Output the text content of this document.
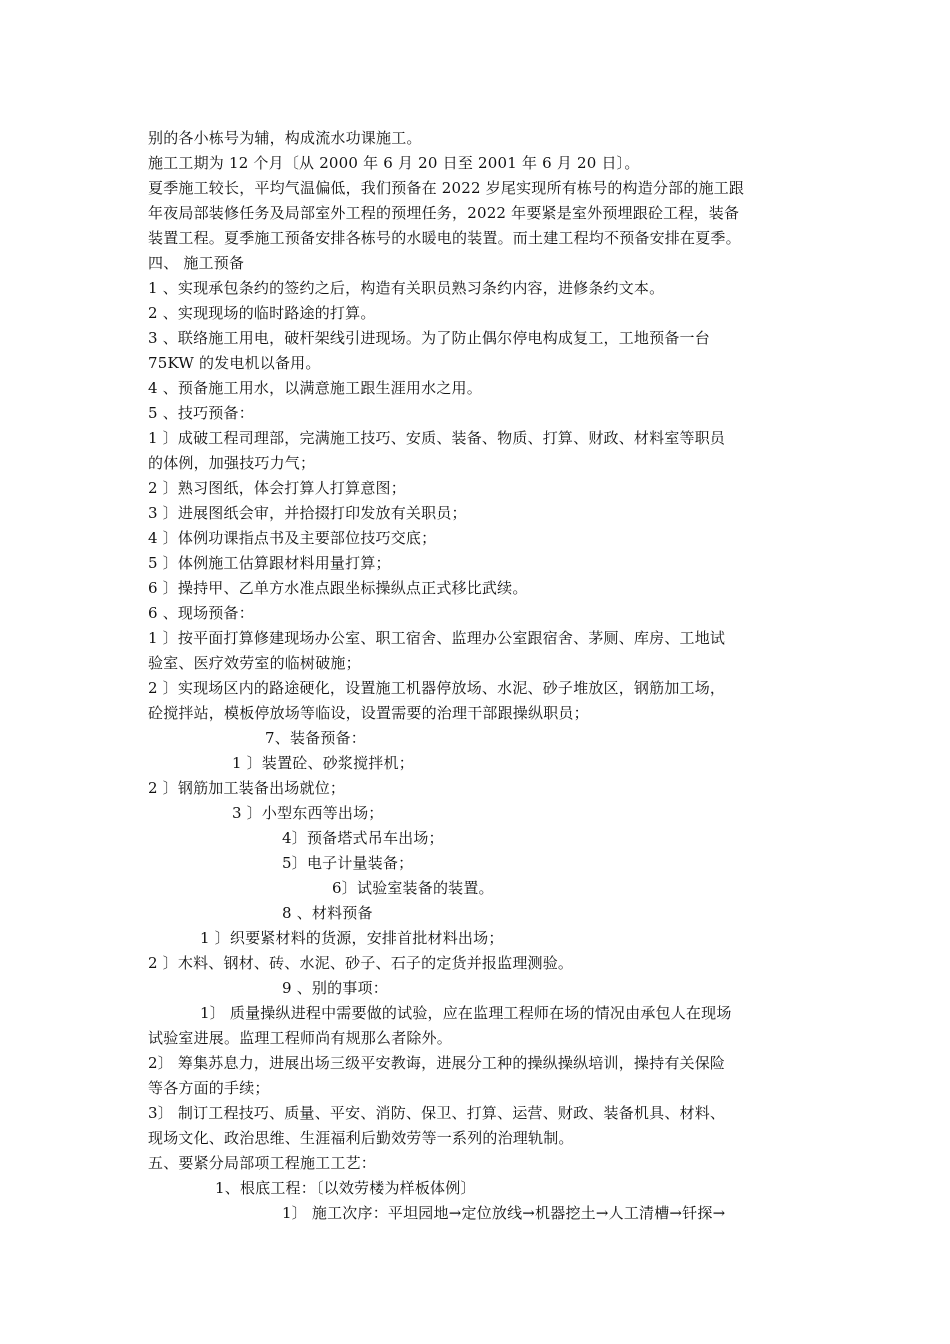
别的各小栋号为辅，构成流水功课施工。
施工工期为 12 个月〔从 2000 年 6 月 20 日至 2001 年 6 月 20 日〕。
夏季施工较长，平均气温偏低，我们预备在 2022 岁尾实现所有栋号的构造分部的施工跟
年夜局部装修任务及局部室外工程的预埋任务，2022 年要紧是室外预埋跟砼工程，装备
装置工程。夏季施工预备安排各栋号的水暖电的装置。而土建工程均不预备安排在夏季。
四、 施工预备
1 、实现承包条约的签约之后，构造有关职员熟习条约内容，进修条约文本。
2 、实现现场的临时路途的打算。
3 、联络施工用电，破杆架线引进现场。为了防止偶尔停电构成复工，工地预备一台
75KW 的发电机以备用。
4 、预备施工用水，以满意施工跟生涯用水之用。
5 、技巧预备：
1 〕成破工程司理部，完满施工技巧、安质、装备、物质、打算、财政、材料室等职员
的体例，加强技巧力气；
2 〕熟习图纸，体会打算人打算意图；
3 〕进展图纸会审，并拾掇打印发放有关职员；
4 〕体例功课指点书及主要部位技巧交底；
5 〕体例施工估算跟材料用量打算；
6 〕操持甲、乙单方水准点跟坐标操纵点正式移比武续。
6 、现场预备：
1 〕按平面打算修建现场办公室、职工宿舍、监理办公室跟宿舍、茅厕、库房、工地试
验室、医疗效劳室的临树破施；
2 〕实现场区内的路途硬化，设置施工机器停放场、水泥、砂子堆放区，钢筋加工场，
砼搅拌站，模板停放场等临设，设置需要的治理干部跟操纵职员；
7、装备预备：
1 〕装置砼、砂浆搅拌机；
2 〕钢筋加工装备出场就位；
3 〕小型东西等出场；
4〕预备塔式吊车出场；
5〕电子计量装备；
6〕试验室装备的装置。
8 、材料预备
1 〕织要紧材料的货源，安排首批材料出场；
2 〕木料、钢材、砖、水泥、砂子、石子的定货并报监理测验。
9 、别的事项：
1〕 质量操纵进程中需要做的试验，应在监理工程师在场的情况由承包人在现场
试验室进展。监理工程师尚有规那么者除外。
2〕 筹集苏息力，进展出场三级平安教诲，进展分工种的操纵操纵培训，操持有关保险
等各方面的手续；
3〕 制订工程技巧、质量、平安、消防、保卫、打算、运营、财政、装备机具、材料、
现场文化、政治思维、生涯福利后勤效劳等一系列的治理轨制。
五、要紧分局部项工程施工工艺：
1、根底工程：〔以效劳楼为样板体例〕
1〕 施工次序：平坦园地→定位放线→机器挖土→人工清槽→钎探→
